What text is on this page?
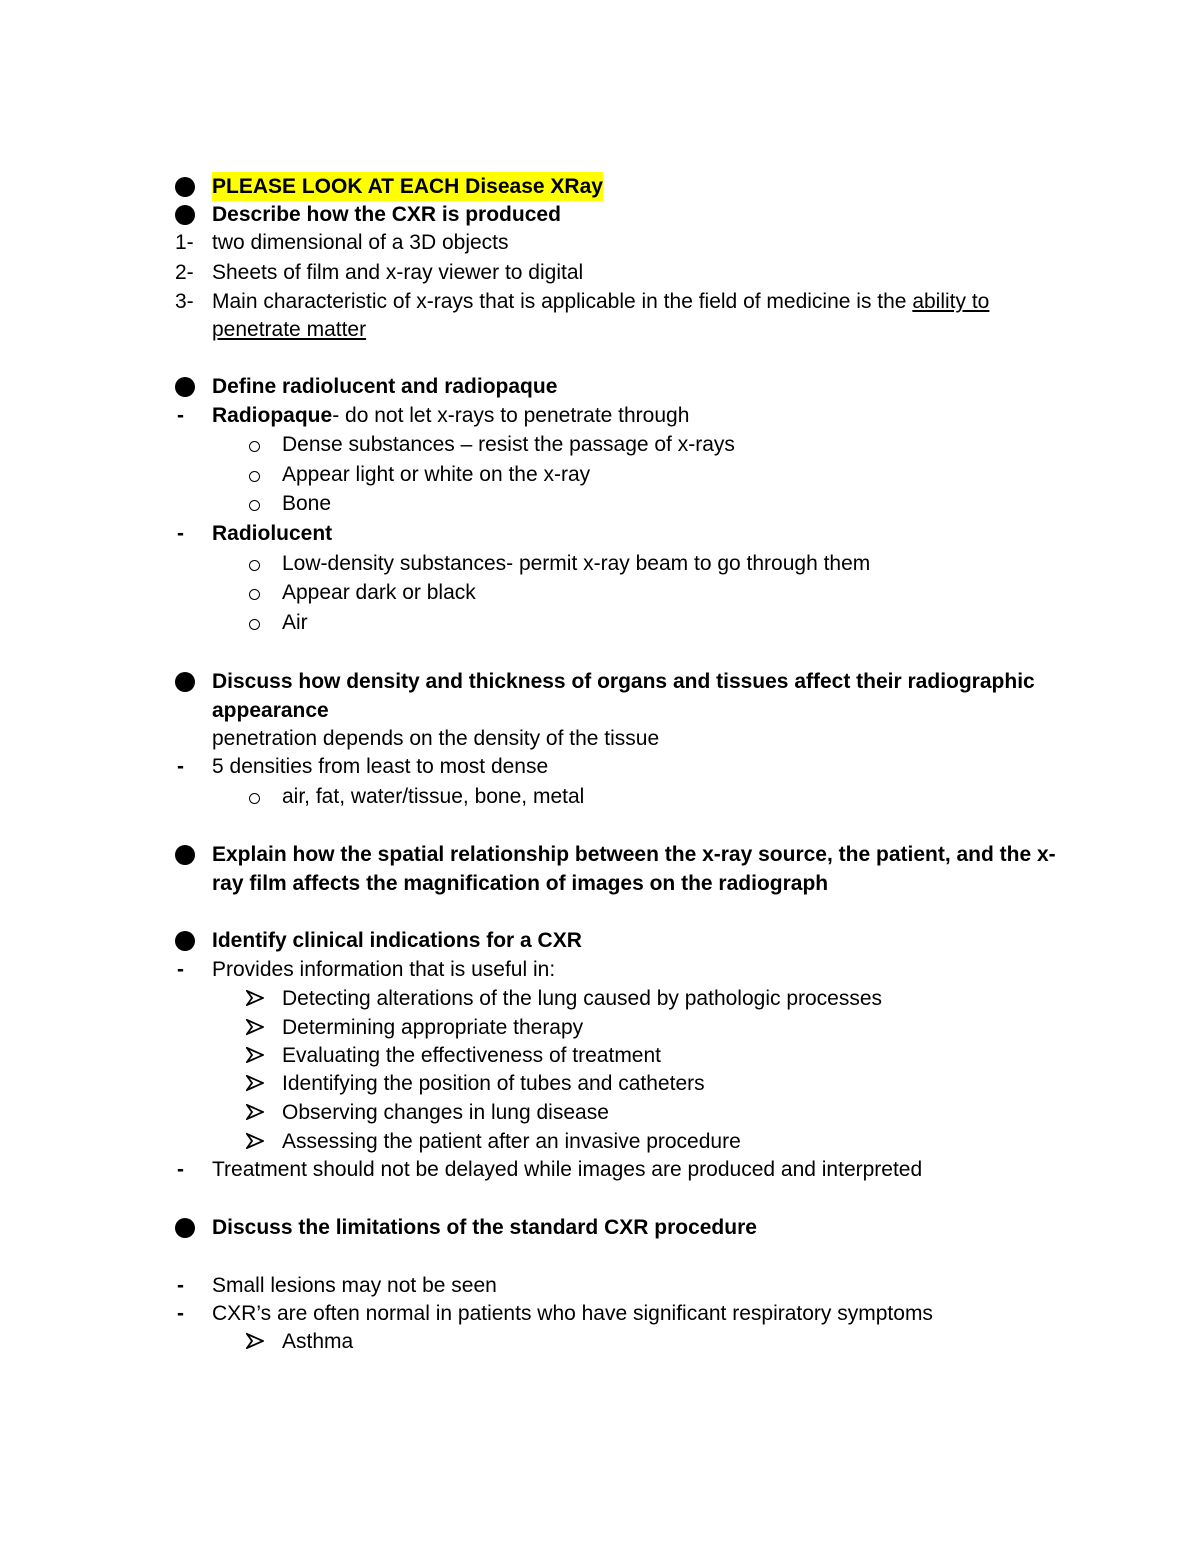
PLEASE LOOK AT EACH Disease XRay
Describe how the CXR is produced
1- two dimensional of a 3D objects
2- Sheets of film and x-ray viewer to digital
3- Main characteristic of x-rays that is applicable in the field of medicine is the ability to
penetrate matter
Define radiolucent and radiopaque
- Radiopaque- do not let x-rays to penetrate through
Dense substances – resist the passage of x-rays
Appear light or white on the x-ray
Bone
- Radiolucent
Low-density substances- permit x-ray beam to go through them
Appear dark or black
Air
Discuss how density and thickness of organs and tissues affect their radiographic
appearance
penetration depends on the density of the tissue
- 5 densities from least to most dense
air, fat, water/tissue, bone, metal
Explain how the spatial relationship between the x-ray source, the patient, and the x-
ray film affects the magnification of images on the radiograph
Identify clinical indications for a CXR
- Provides information that is useful in:
Detecting alterations of the lung caused by pathologic processes
Determining appropriate therapy
Evaluating the effectiveness of treatment
Identifying the position of tubes and catheters
Observing changes in lung disease
Assessing the patient after an invasive procedure
- Treatment should not be delayed while images are produced and interpreted
Discuss the limitations of the standard CXR procedure
- Small lesions may not be seen
- CXR’s are often normal in patients who have significant respiratory symptoms
Asthma
